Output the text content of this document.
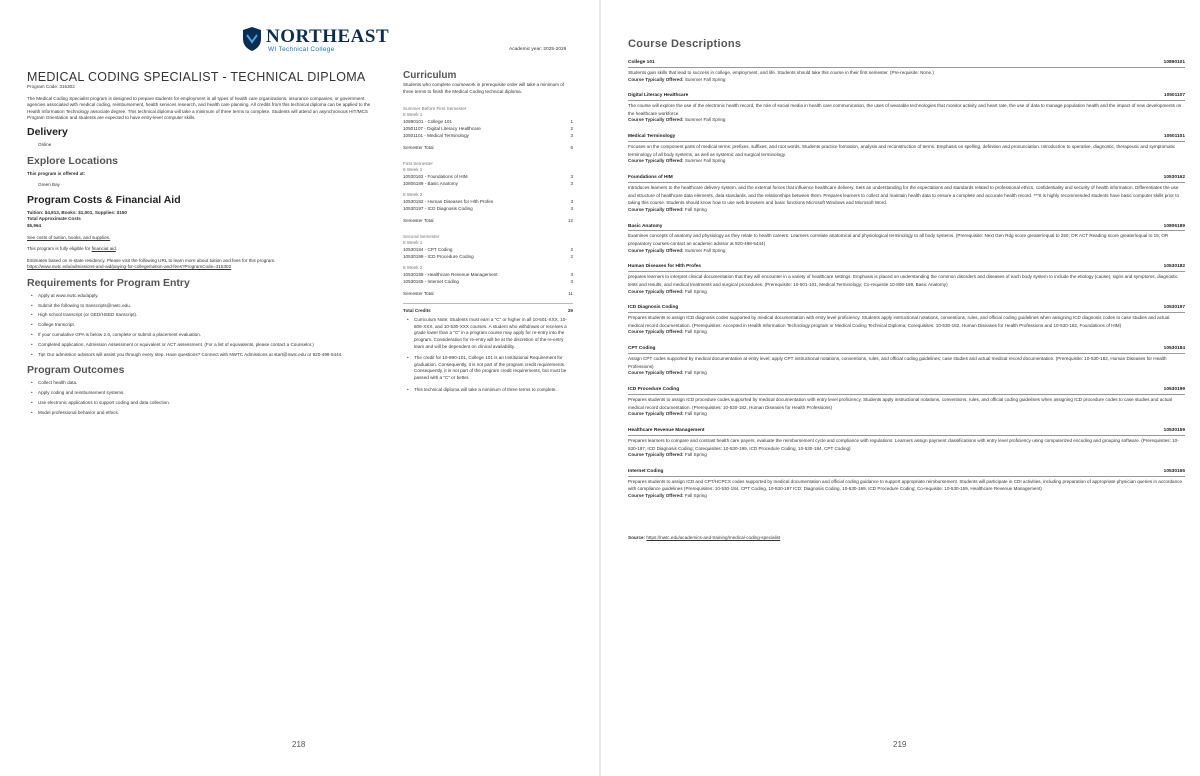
NORTHEAST
WI Technical College	Academic year: 2025-2026
MEDICAL CODING SPECIALIST - TECHNICAL DIPLOMA
Program Code: 315302

The Medical Coding Specialist program is designed to prepare students for employment in all types of health care organizations, insurance companies, or government agencies associated with medical coding, reimbursement, health services research, and health care planning. All credits from this technical diploma can be applied to the Health Information Technology associate degree. This technical diploma will take a minimum of three terms to complete. Students will attend an asynchronous HIT/MCS Program Orientation and students are expected to have entry-level computer skills.

Delivery
Online
Explore Locations
This program is offered at:
Green Bay
Program Costs & Financial Aid
Tuition: $4,813, Books: $1,001, Supplies: $150
Total Approximate Costs
$5,964
See costs of tuition, books, and supplies.
This program is fully eligible for financial aid.
Estimates based on in-state residency. Please visit the following URL to learn more about tuition and fees for this program.
https://www.nwtc.edu/admissions-and-aid/paying-for-college/tuition-and-fees?ProgramCode=315302
Requirements for Program Entry
• Apply at www.nwtc.edu/apply.
• Submit the following to transcripts@nwtc.edu.
• High school transcript (or GED/HSED transcript).
• College transcript.
• If your cumulative GPA is below 2.6, complete or submit a placement evaluation.
• Completed application, Admission Assessment or equivalent or ACT assessment. (For a list of equivalents, please contact a Counselor.)
• Tip! Our admission advisors will assist you through every step. Have questions? Connect with NWTC Admissions at start@nwtc.edu or 920-498-5444.
Program Outcomes
• Collect health data.
• Apply coding and reimbursement systems.
• Use electronic applications to support coding and data collection.
• Model professional behavior and ethics.
Curriculum

Students who complete coursework in prerequisite order will take a minimum of three terms to finish the Medical Coding technical diploma.

Summer Before First Semester
8 Week 1
10890101 - College 101	1
10501107 - Digital Literacy Healthcare	2
10501101 - Medical Terminology	3
Semester Total	6
First Semester
8 Week 1
10530162 - Foundations of HIM	3
10806189 - Basic Anatomy	3
8 Week 2
10530182 - Human Diseases for Hlth Profes	3
10530197 - ICD Diagnosis Coding	3
Semester Total	12
Second Semester
8 Week 1
10530184 - CPT Coding	2
10530199 - ICD Procedure Coding	2
8 Week 2
10530159 - Healthcare Revenue Management	3
10530165 - Internet Coding	3
Semester Total	11
Total Credits	29
• Curriculum Note: Students must earn a "C" or higher in all 10-501-XXX, 10-806-XXX, and 10-530-XXX courses. A student who withdraws or receives a grade lower than a "C" in a program course may apply for re-entry into the program. Consideration for re-entry will be at the discretion of the re-entry team and will be dependent on clinical availability.
• The credit for 10-890-101, College 101 is an Institutional Requirement for graduation. Consequently, it is not part of the program credit requirements. Consequently, it is not part of the program credit requirements, but must be passed with a "C" or better.
• This technical diploma will take a minimum of three terms to complete.
218
Course Descriptions
College 101	10890101
Students gain skills that lead to success in college, employment, and life. Students should take this course in their first semester. (Pre-requisite: None.)
Course Typically Offered: Summer Fall Spring
Digital Literacy Healthcare	10501107
The course will explore the use of the electronic health record, the role of social media in health care communication, the uses of wearable technologies that monitor activity and heart rate, the use of data to manage population health and the impact of new developments on the healthcare workforce.
Course Typically Offered: Summer Fall Spring
Medical Terminology	10501101
Focuses on the component parts of medical terms: prefixes, suffixes, and root words. Students practice formation, analysis and reconstruction of terms. Emphasis on spelling, definition and pronunciation. Introduction to operative, diagnostic, therapeutic and symptomatic terminology of all body systems, as well as systemic and surgical terminology.
Course Typically Offered: Summer Fall Spring
Foundations of HIM	10530162
Introduces learners to the healthcare delivery system, and the external forces that influence healthcare delivery. Sets an understanding for the expectations and standards related to professional ethics, confidentiality and security of health information. Differentiates the use and structure of healthcare data elements, data standards, and the relationships between them. Prepares learners to collect and maintain health data to ensure a complete and accurate health record. ***It is highly recommended students have basic computer skills prior to taking this course. Students should know how to use web browsers and basic functions Microsoft Windows and Microsoft Word.
Course Typically Offered: Fall Spring
Basic Anatomy	10806189
Examines concepts of anatomy and physiology as they relate to health careers. Learners correlate anatomical and physiological terminology to all body systems. (Prerequisite: Next Gen Rdg score greater/equal to 250; OR ACT Reading score greater/equal to 15; OR preparatory courses-contact an academic advisor at 920-498-5444)
Course Typically Offered: Summer Fall Spring
Human Diseases for Hlth Profes	10530182
prepares learners to interpret clinical documentation that they will encounter in a variety of healthcare settings. Emphasis is placed on understanding the common disorders and diseases of each body system to include the etiology (cause), signs and symptoms, diagnostic tests and results, and medical treatments and surgical procedures. (Prerequisite: 10-501-101, Medical Terminology; Co-requisite 10-806-189, Basic Anatomy)
Course Typically Offered: Fall Spring
ICD Diagnosis Coding	10530197
Prepares students to assign ICD diagnosis codes supported by medical documentation with entry level proficiency. Students apply instructional notations, conventions, rules, and official coding guidelines when assigning ICD diagnosis codes to case studies and actual medical record documentation. (Prerequisites: Accepted in Health Information Technology program or Medical Coding Technical Diploma; Corequisites: 10-530-182, Human Diseases for Health Professions and 10-530-162, Foundations of HIM)
Course Typically Offered: Fall Spring
CPT Coding	10530184
Assign CPT codes supported by medical documentation at entry level; apply CPT instructional notations, conventions, rules, and official coding guidelines; case studies and actual medical record documentation. (Prerequisite: 10-530-182, Human Diseases for Health Professions)
Course Typically Offered: Fall Spring
ICD Procedure Coding	10530199
Prepares students to assign ICD procedure codes supported by medical documentation with entry level proficiency. Students apply instructional notations, conventions, rules, and official coding guidelines when assigning ICD procedure codes to case studies and actual medical record documentation. (Prerequisites: 10-530-182, Human Diseases for Health Professions)
Course Typically Offered: Fall Spring
Healthcare Revenue Management	10530159
Prepares learners to compare and contrast health care payers, evaluate the reimbursement cycle and compliance with regulations. Learners assign payment classifications with entry level proficiency using computerized encoding and grouping software. (Prerequisites: 10-530-197, ICD Diagnosis Coding; Corequisites: 10-530-199, ICD Procedure Coding, 10-530-184, CPT Coding)
Course Typically Offered: Fall Spring
Internet Coding	10530165
Prepares students to assign ICD and CPT/HCPCS codes supported by medical documentation and official coding guidance to support appropriate reimbursement. Students will participate in CDI activities, including preparation of appropriate physician queries in accordance with compliance guidelines (Prerequisites: 10-530-184, CPT Coding, 10-530-197 ICD; Diagnosis Coding, 10-530-199, ICD Procedure Coding; Co-requisite: 10-530-159, Healthcare Revenue Management)
Course Typically Offered: Fall Spring
Source: https://nwtc.edu/academics-and-training/medical-coding-specialist
219
